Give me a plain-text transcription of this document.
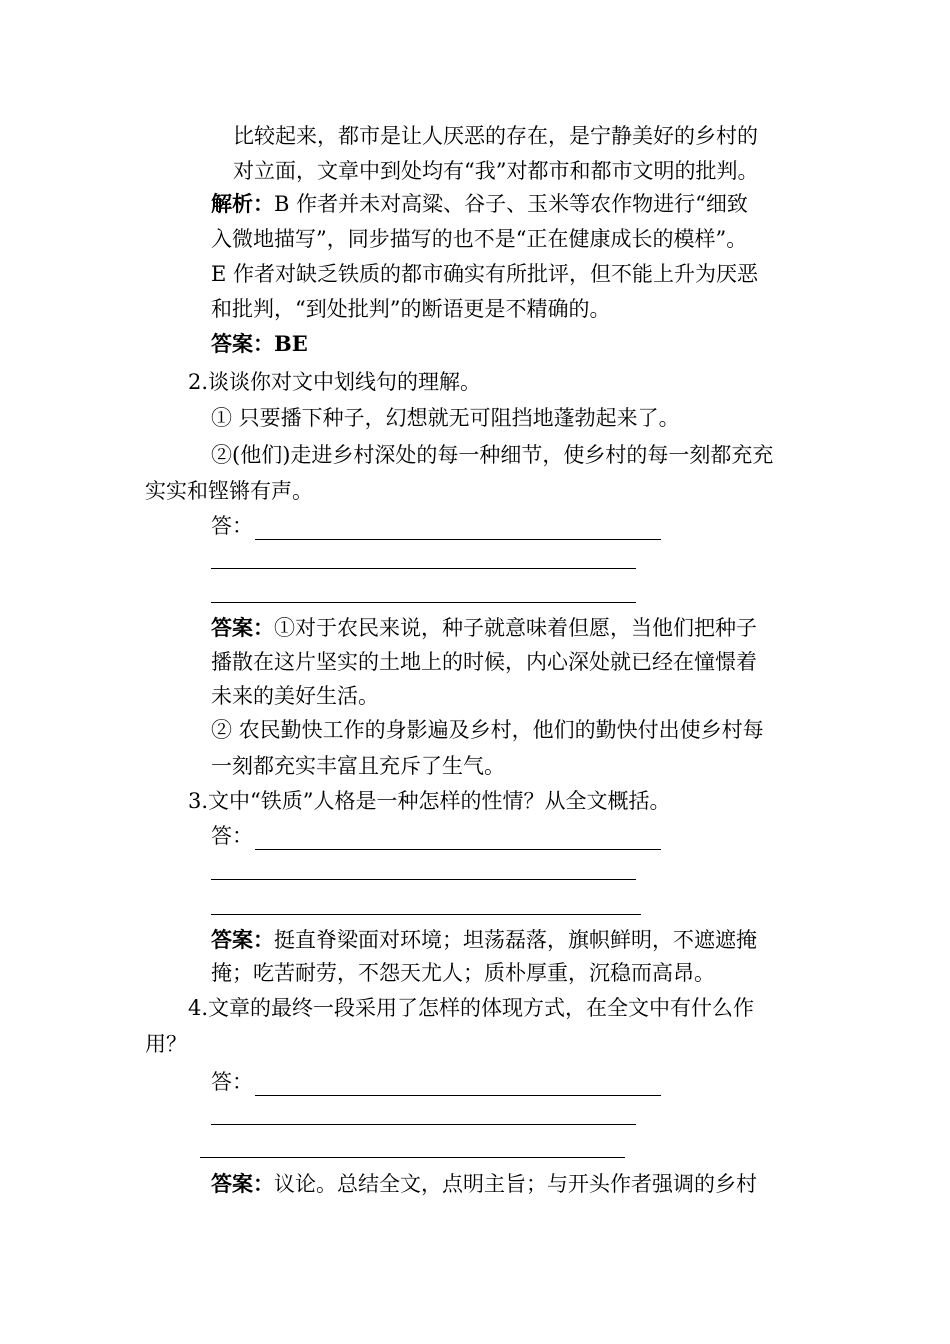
比较起来，都市是让人厌恶的存在，是宁静美好的乡村的
对立面，文章中到处均有“我”对都市和都市文明的批判。
解析：B 作者并未对高粱、谷子、玉米等农作物进行“细致
入微地描写”，同步描写的也不是“正在健康成长的模样”。
E 作者对缺乏铁质的都市确实有所批评，但不能上升为厌恶
和批判，“到处批判”的断语更是不精确的。
答案：BE
2.谈谈你对文中划线句的理解。
① 只要播下种子，幻想就无可阻挡地蓬勃起来了。
②(他们)走进乡村深处的每一种细节，使乡村的每一刻都充充
实实和铿锵有声。
答：
答案：①对于农民来说，种子就意味着但愿，当他们把种子
播散在这片坚实的土地上的时候，内心深处就已经在憧憬着
未来的美好生活。
② 农民勤快工作的身影遍及乡村，他们的勤快付出使乡村每
一刻都充实丰富且充斥了生气。
3.文中“铁质”人格是一种怎样的性情？从全文概括。
答：
答案：挺直脊梁面对环境；坦荡磊落，旗帜鲜明，不遮遮掩
掩；吃苦耐劳，不怨天尤人；质朴厚重，沉稳而高昂。
4.文章的最终一段采用了怎样的体现方式，在全文中有什么作
用？
答：
答案：议论。总结全文，点明主旨；与开头作者强调的乡村
